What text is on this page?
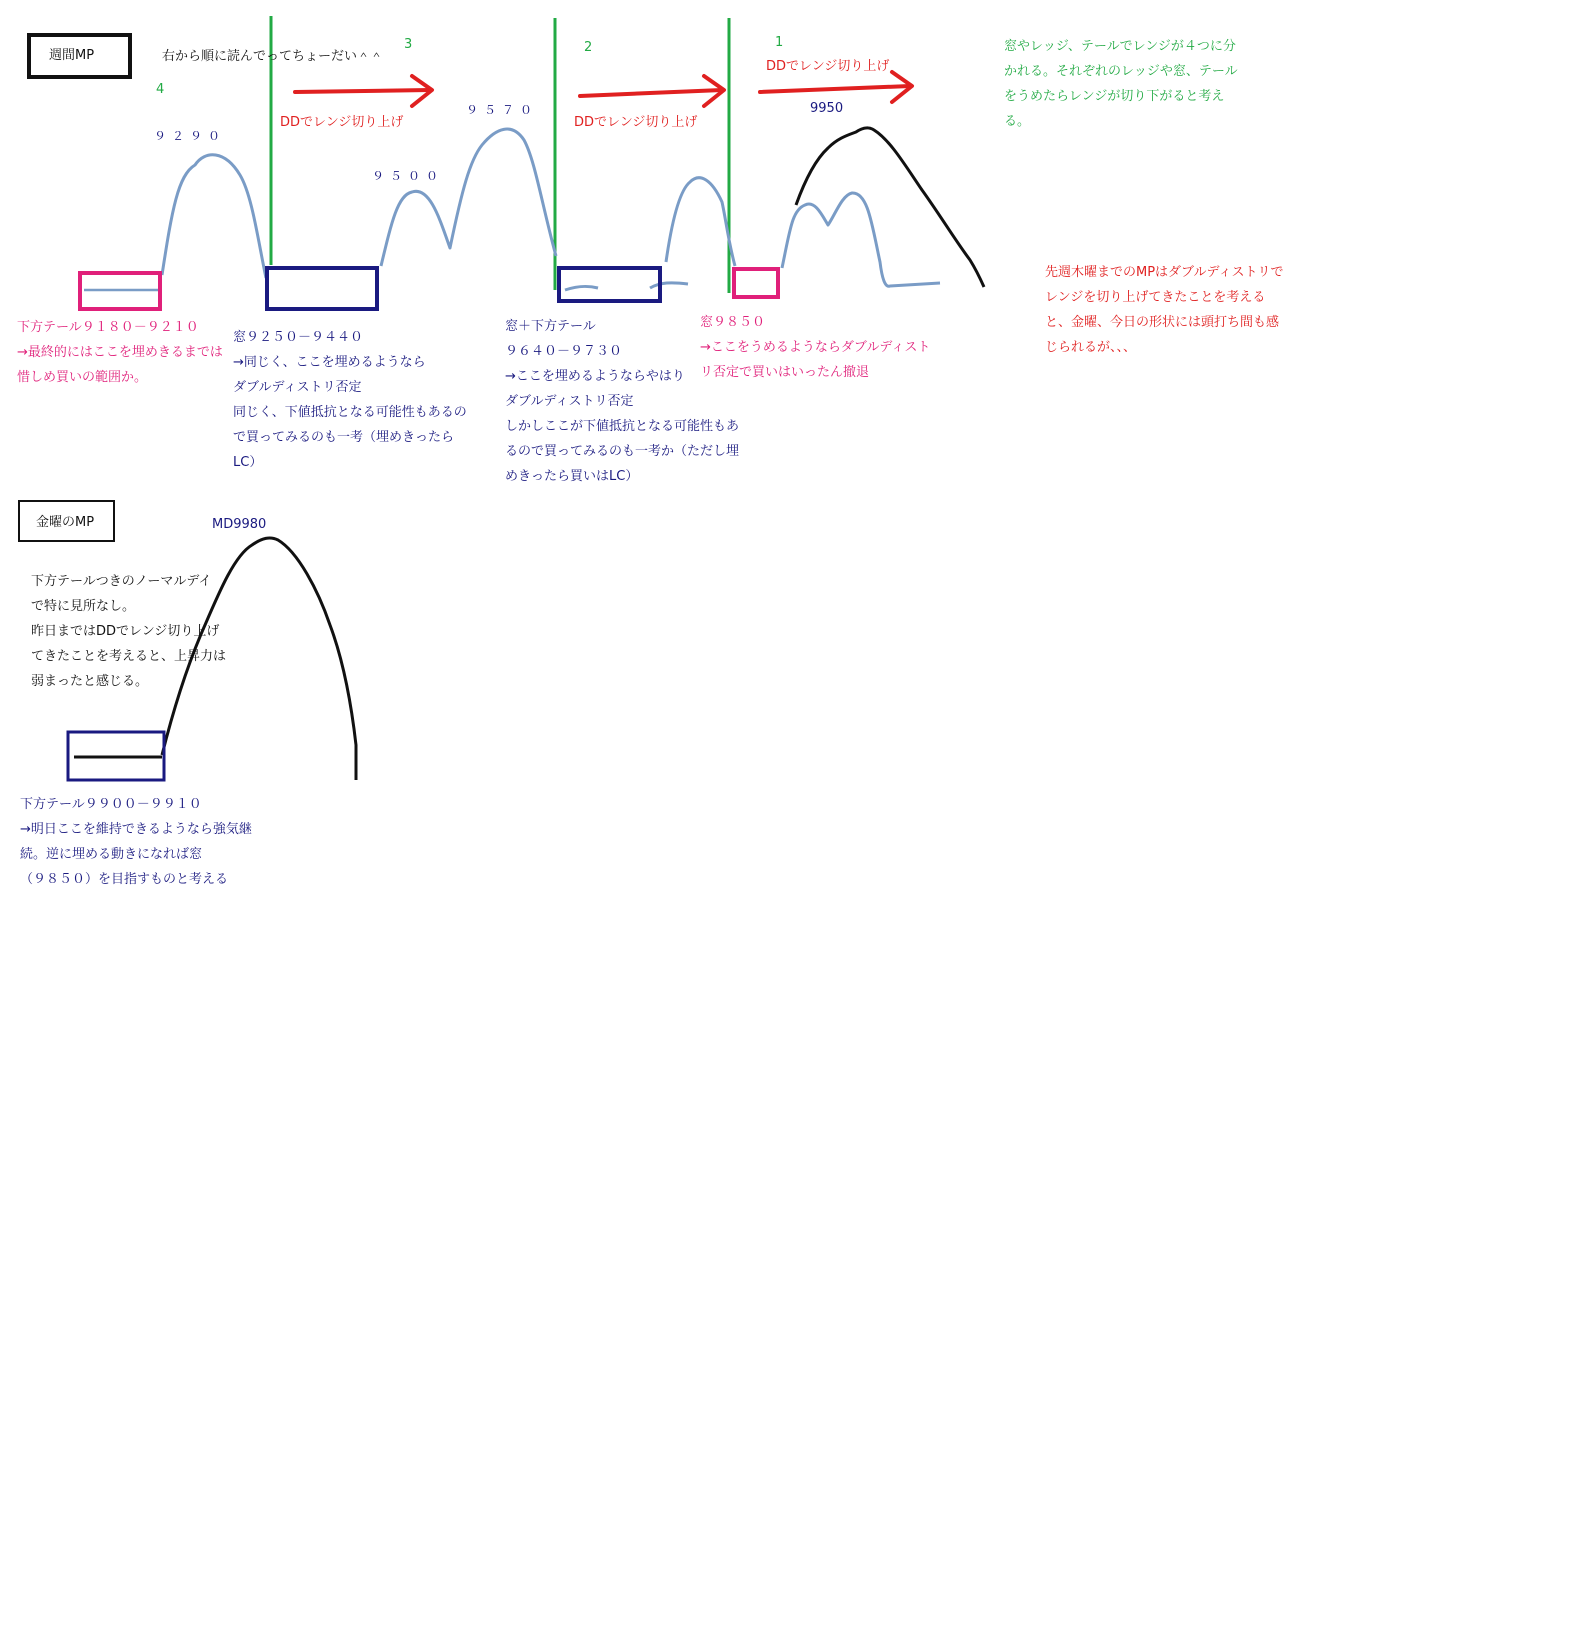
週間MP
金曜のMP
右から順に読んでってちょーだい＾＾
4
3	2	1
DDでレンジ切り上げ	DDでレンジ切り上げ
DDでレンジ切り上げ
９２９０
９５００
９５７０	9950
下方テール９１８０－９２１０
→最終的にはここを埋めきるまでは
惜しめ買いの範囲か。
窓９２５０－９４４０
→同じく、ここを埋めるようなら
ダブルディストリ否定
同じく、下値抵抗となる可能性もあるの
で買ってみるのも一考（埋めきったら
LC）
窓＋下方テール
９６４０－９７３０
→ここを埋めるようならやはり
ダブルディストリ否定
しかしここが下値抵抗となる可能性もあ
るので買ってみるのも一考か（ただし埋
めきったら買いはLC）
窓９８５０
→ここをうめるようならダブルディスト
リ否定で買いはいったん撤退
窓やレッジ、テールでレンジが４つに分
かれる。それぞれのレッジや窓、テール
をうめたらレンジが切り下がると考え
る。
先週木曜までのMPはダブルディストリで
レンジを切り上げてきたことを考える
と、金曜、今日の形状には頭打ち間も感
じられるが、、、
MD9980
下方テールつきのノーマルデイ
で特に見所なし。
昨日まではDDでレンジ切り上げ
てきたことを考えると、上昇力は
弱まったと感じる。
下方テール９９００－９９１０
→明日ここを維持できるようなら強気継
続。逆に埋める動きになれば窓
（９８５０）を目指すものと考える
